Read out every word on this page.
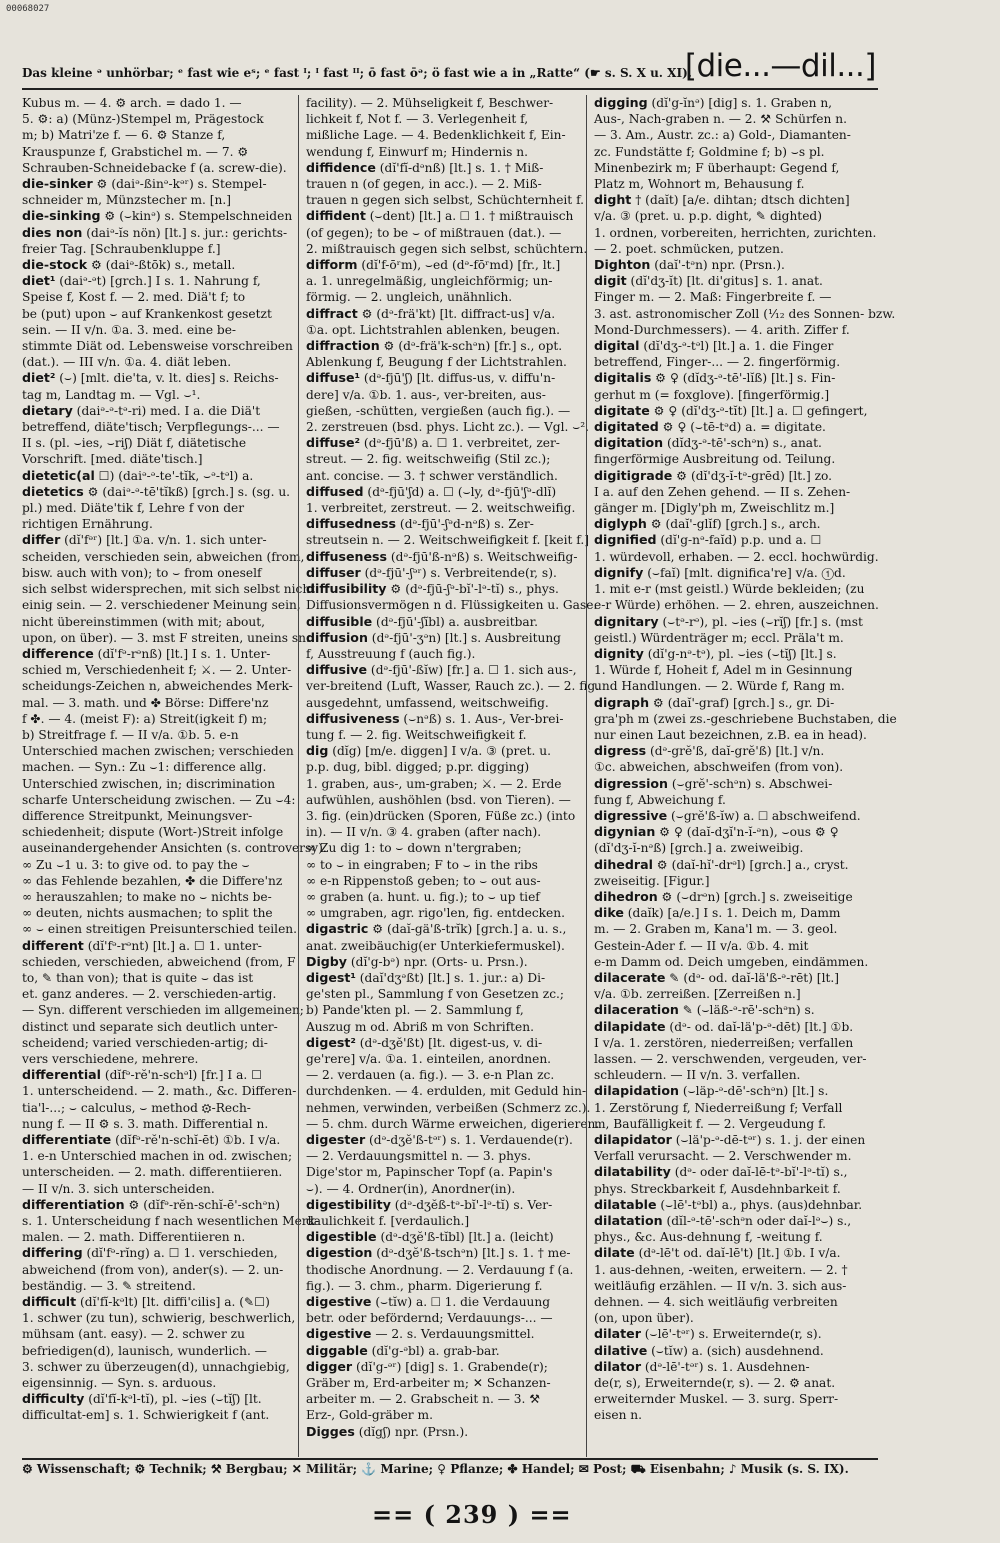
00068027
Das kleine ᵊ unhörbar; ᵉ fast wie eˢ; ᵉ fast ᴵ; ᴵ fast ᴵᴵ; ō fast ōᵊ; ö fast wie a in „Ratte“ (☛ s. S. X u. XI).
[die...—dil...]
Kubus m. — 4. ⚙ arch. = dado 1. —
5. ⚙: a) (Münz-)Stempel m, Prägestock
m; b) Matri'ze f. — 6. ⚙ Stanze f,
Krauspunze f, Grabstichel m. — 7. ⚙
Schrauben-Schneidebacke f (a. screw-die).
die-sinker ⚙ (daiᵊ-ßinᵊ-kᵊʳ) s. Stempel-
schneider m, Münzstecher m. [n.]
die-sinking ⚙ (⌣kinᵊ) s. Stempelschneiden
dies non (daiᵊ-ĭs nön) [lt.] s. jur.: gerichts-
freier Tag. [Schraubenkluppe f.]
die-stock ⚙ (daiᵊ-ßtōk) s., metall.
diet¹ (daiᵊ-ᵊt) [grch.] I s. 1. Nahrung f,
Speise f, Kost f. — 2. med. Diä't f; to
be (put) upon ⌣ auf Krankenkost gesetzt
sein. — II v/n. ①a. 3. med. eine be-
stimmte Diät od. Lebensweise vorschreiben
(dat.). — III v/n. ①a. 4. diät leben.
diet² (⌣) [mlt. die'ta, v. lt. dies] s. Reichs-
tag m, Landtag m. — Vgl. ⌣¹.
dietary (daiᵊ-ᵊ-tᵊ-ri) med. I a. die Diä't
betreffend, diäte'tisch; Verpflegungs-... —
II s. (pl. ⌣ies, ⌣riʃ) Diät f, diätetische
Vorschrift. [med. diäte'tisch.]
dietetic(al ☐) (daiᵊ-ᵊ-te'-tĭk, ⌣ᵊ-tᵊl) a.
dietetics ⚙ (daiᵊ-ᵊ-tē'tĭkß) [grch.] s. (sg. u.
pl.) med. Diäte'tik f, Lehre f von der
richtigen Ernährung.
differ (dĭ'fᵊʳ) [lt.] ①a. v/n. 1. sich unter-
scheiden, verschieden sein, abweichen (from,
bisw. auch with von); to ⌣ from oneself
sich selbst widersprechen, mit sich selbst nicht
einig sein. — 2. verschiedener Meinung sein,
nicht übereinstimmen (with mit; about,
upon, on über). — 3. mst F streiten, uneins sn.
difference (dĭ'fᵊ-rᵊnß) [lt.] I s. 1. Unter-
schied m, Verschiedenheit f; ⚔. — 2. Unter-
scheidungs-Zeichen n, abweichendes Merk-
mal. — 3. math. und ✤ Börse: Differe'nz
f ✤. — 4. (meist F): a) Streit(igkeit f) m;
b) Streitfrage f. — II v/a. ①b. 5. e-n
Unterschied machen zwischen; verschieden
machen. — Syn.: Zu ⌣1: difference allg.
Unterschied zwischen, in; discrimination
scharfe Unterscheidung zwischen. — Zu ⌣4:
difference Streitpunkt, Meinungsver-
schiedenheit; dispute (Wort-)Streit infolge
auseinandergehender Ansichten (s. controversy).
∞ Zu ⌣1 u. 3: to give od. to pay the ⌣
∞ das Fehlende bezahlen, ✤ die Differe'nz
∞ herauszahlen; to make no ⌣ nichts be-
∞ deuten, nichts ausmachen; to split the
∞ ⌣ einen streitigen Preisunterschied teilen.
different (dĭ'fᵊ-rᵊnt) [lt.] a. ☐ 1. unter-
schieden, verschieden, abweichend (from, F
to, ✎ than von); that is quite ⌣ das ist
et. ganz anderes. — 2. verschieden-artig.
— Syn. different verschieden im allgemeinen;
distinct und separate sich deutlich unter-
scheidend; varied verschieden-artig; di-
vers verschiedene, mehrere.
differential (dĭfᵊ-rĕ'n-schᵊl) [fr.] I a. ☐
1. unterscheidend. — 2. math., &c. Differen-
tia'l-...; ⌣ calculus, ⌣ method ⚙-Rech-
nung f. — II ⚙ s. 3. math. Differential n.
differentiate (dĭfᵊ-rĕ'n-schĭ-ēt) ①b. I v/a.
1. e-n Unterschied machen in od. zwischen;
unterscheiden. — 2. math. differentiieren.
— II v/n. 3. sich unterscheiden.
differentiation ⚙ (dĭfᵊ-rĕn-schĭ-ē'-schᵊn)
s. 1. Unterscheidung f nach wesentlichen Merk-
malen. — 2. math. Differentiieren n.
differing (dĭ'fᵊ-rĭng) a. ☐ 1. verschieden,
abweichend (from von), ander(s). — 2. un-
beständig. — 3. ✎ streitend.
difficult (dĭ'fĭ-kᵊlt) [lt. diffi'cilis] a. (✎☐)
1. schwer (zu tun), schwierig, beschwerlich,
mühsam (ant. easy). — 2. schwer zu
befriedigen(d), launisch, wunderlich. —
3. schwer zu überzeugen(d), unnachgiebig,
eigensinnig. — Syn. s. arduous.
difficulty (dĭ'fĭ-kᵊl-tĭ), pl. ⌣ies (⌣tĭʃ) [lt.
difficultat-em] s. 1. Schwierigkeit f (ant.
facility). — 2. Mühseligkeit f, Beschwer-
lichkeit f, Not f. — 3. Verlegenheit f,
mißliche Lage. — 4. Bedenklichkeit f, Ein-
wendung f, Einwurf m; Hindernis n.
diffidence (dĭ'fĭ-dᵊnß) [lt.] s. 1. † Miß-
trauen n (of gegen, in acc.). — 2. Miß-
trauen n gegen sich selbst, Schüchternheit f.
diffident (⌣dent) [lt.] a. ☐ 1. † mißtrauisch
(of gegen); to be ⌣ of mißtrauen (dat.). —
2. mißtrauisch gegen sich selbst, schüchtern.
difform (dĭ'f-ōʳm), ⌣ed (dᵊ-fōʳmd) [fr., lt.]
a. 1. unregelmäßig, ungleichförmig; un-
förmig. — 2. ungleich, unähnlich.
diffract ⚙ (dᵊ-frä'kt) [lt. diffract-us] v/a.
①a. opt. Lichtstrahlen ablenken, beugen.
diffraction ⚙ (dᵊ-frä'k-schᵊn) [fr.] s., opt.
Ablenkung f, Beugung f der Lichtstrahlen.
diffuse¹ (dᵊ-fjū'ʃ) [lt. diffus-us, v. diffu'n-
dere] v/a. ①b. 1. aus-, ver-breiten, aus-
gießen, -schütten, vergießen (auch fig.). —
2. zerstreuen (bsd. phys. Licht zc.). — Vgl. ⌣².
diffuse² (dᵊ-fjū'ß) a. ☐ 1. verbreitet, zer-
streut. — 2. fig. weitschweifig (Stil zc.);
ant. concise. — 3. † schwer verständlich.
diffused (dᵊ-fjū'ʃd) a. ☐ (⌣ly, dᵊ-fjū'ʃᵊ-dlĭ)
1. verbreitet, zerstreut. — 2. weitschweifig.
diffusedness (dᵊ-fjū'-ʃᵊd-nᵊß) s. Zer-
streutsein n. — 2. Weitschweifigkeit f. [keit f.]
diffuseness (dᵊ-fjū'ß-nᵊß) s. Weitschweifig-
diffuser (dᵊ-fjū'-ʃᵊʳ) s. Verbreitende(r, s).
diffusibility ⚙ (dᵊ-fjū-ʃᵊ-bĭ'-lᵊ-tĭ) s., phys.
Diffusionsvermögen n d. Flüssigkeiten u. Gase.
diffusible (dᵊ-fjū'-ʃĭbl) a. ausbreitbar.
diffusion (dᵊ-fjū'-ʒᵊn) [lt.] s. Ausbreitung
f, Ausstreuung f (auch fig.).
diffusive (dᵊ-fjū'-ßĭw) [fr.] a. ☐ 1. sich aus-,
ver-breitend (Luft, Wasser, Rauch zc.). — 2. fig.
ausgedehnt, umfassend, weitschweifig.
diffusiveness (⌣nᵊß) s. 1. Aus-, Ver-brei-
tung f. — 2. fig. Weitschweifigkeit f.
dig (dĭg) [m/e. diggen] I v/a. ③ (pret. u.
p.p. dug, bibl. digged; p.pr. digging)
1. graben, aus-, um-graben; ⚔. — 2. Erde
aufwühlen, aushöhlen (bsd. von Tieren). —
3. fig. (ein)drücken (Sporen, Füße zc.) (into
in). — II v/n. ③ 4. graben (after nach).
∞ Zu dig 1: to ⌣ down n'tergraben;
∞ to ⌣ in eingraben; F to ⌣ in the ribs
∞ e-n Rippenstoß geben; to ⌣ out aus-
∞ graben (a. hunt. u. fig.); to ⌣ up tief
∞ umgraben, agr. rigo'len, fig. entdecken.
digastric ⚙ (daĭ-gä'ß-trĭk) [grch.] a. u. s.,
anat. zweibäuchig(er Unterkiefermuskel).
Digby (dĭ'g-bᵊ) npr. (Orts- u. Prsn.).
digest¹ (daĭ'dʒᵊßt) [lt.] s. 1. jur.: a) Di-
ge'sten pl., Sammlung f von Gesetzen zc.;
b) Pande'kten pl. — 2. Sammlung f,
Auszug m od. Abriß m von Schriften.
digest² (dᵊ-dʒĕ'ßt) [lt. digest-us, v. di-
ge'rere] v/a. ①a. 1. einteilen, anordnen.
— 2. verdauen (a. fig.). — 3. e-n Plan zc.
durchdenken. — 4. erdulden, mit Geduld hin-
nehmen, verwinden, verbeißen (Schmerz zc.).
— 5. chm. durch Wärme erweichen, digerieren.
digester (dᵊ-dʒĕ'ß-tᵊʳ) s. 1. Verdauende(r).
— 2. Verdauungsmittel n. — 3. phys.
Dige'stor m, Papinscher Topf (a. Papin's
⌣). — 4. Ordner(in), Anordner(in).
digestibility (dᵊ-dʒĕß-tᵊ-bĭ'-lᵊ-tĭ) s. Ver-
daulichkeit f. [verdaulich.]
digestible (dᵊ-dʒĕ'ß-tĭbl) [lt.] a. (leicht)
digestion (dᵊ-dʒĕ'ß-tschᵊn) [lt.] s. 1. † me-
thodische Anordnung. — 2. Verdauung f (a.
fig.). — 3. chm., pharm. Digerierung f.
digestive (⌣tĭw) a. ☐ 1. die Verdauung
betr. oder befördernd; Verdauungs-... —
digestive — 2. s. Verdauungsmittel.
diggable (dĭ'g-ᵊbl) a. grab-bar.
digger (dĭ'g-ᵊʳ) [dig] s. 1. Grabende(r);
Gräber m, Erd-arbeiter m; ✕ Schanzen-
arbeiter m. — 2. Grabscheit n. — 3. ⚒
Erz-, Gold-gräber m.
Digges (dĭgʃ) npr. (Prsn.).
digging (dĭ'g-ĭnᵊ) [dig] s. 1. Graben n,
Aus-, Nach-graben n. — 2. ⚒ Schürfen n.
— 3. Am., Austr. zc.: a) Gold-, Diamanten-
zc. Fundstätte f; Goldmine f; b) ⌣s pl.
Minenbezirk m; F überhaupt: Gegend f,
Platz m, Wohnort m, Behausung f.
dight † (daĭt) [a/e. dihtan; dtsch dichten]
v/a. ③ (pret. u. p.p. dight, ✎ dighted)
1. ordnen, vorbereiten, herrichten, zurichten.
— 2. poet. schmücken, putzen.
Dighton (daĭ'-tᵊn) npr. (Prsn.).
digit (dĭ'dʒ-ĭt) [lt. di'gitus] s. 1. anat.
Finger m. — 2. Maß: Fingerbreite f. —
3. ast. astronomischer Zoll (¹⁄₁₂ des Sonnen- bzw.
Mond-Durchmessers). — 4. arith. Ziffer f.
digital (dĭ'dʒ-ᵊ-tᵊl) [lt.] a. 1. die Finger
betreffend, Finger-... — 2. fingerförmig.
digitalis ⚙ ♀ (dĭdʒ-ᵊ-tē'-lĭß) [lt.] s. Fin-
gerhut m (= foxglove). [fingerförmig.]
digitate ⚙ ♀ (dĭ'dʒ-ᵊ-tĭt) [lt.] a. ☐ gefingert,
digitated ⚙ ♀ (⌣tē-tᵊd) a. = digitate.
digitation (dĭdʒ-ᵊ-tē'-schᵊn) s., anat.
fingerförmige Ausbreitung od. Teilung.
digitigrade ⚙ (dĭ'dʒ-ĭ-tᵊ-grēd) [lt.] zo.
I a. auf den Zehen gehend. — II s. Zehen-
gänger m. [Digly'ph m, Zweischlitz m.]
diglyph ⚙ (daĭ'-glĭf) [grch.] s., arch.
dignified (dĭ'g-nᵊ-faĭd) p.p. und a. ☐
1. würdevoll, erhaben. — 2. eccl. hochwürdig.
dignify (⌣faĭ) [mlt. dignifica're] v/a. ①d.
1. mit e-r (mst geistl.) Würde bekleiden; (zu
e-r Würde) erhöhen. — 2. ehren, auszeichnen.
dignitary (⌣tᵊ-rᵊ), pl. ⌣ies (⌣rĭʃ) [fr.] s. (mst
geistl.) Würdenträger m; eccl. Präla't m.
dignity (dĭ'g-nᵊ-tᵊ), pl. ⌣ies (⌣tĭʃ) [lt.] s.
1. Würde f, Hoheit f, Adel m in Gesinnung
und Handlungen. — 2. Würde f, Rang m.
digraph ⚙ (daĭ'-graf) [grch.] s., gr. Di-
gra'ph m (zwei zs.-geschriebene Buchstaben, die
nur einen Laut bezeichnen, z.B. ea in head).
digress (dᵊ-grĕ'ß, daĭ-grĕ'ß) [lt.] v/n.
①c. abweichen, abschweifen (from von).
digression (⌣grĕ'-schᵊn) s. Abschwei-
fung f, Abweichung f.
digressive (⌣grĕ'ß-ĭw) a. ☐ abschweifend.
digynian ⚙ ♀ (daĭ-dʒĭ'n-ĭ-ᵊn), ⌣ous ⚙ ♀
(dĭ'dʒ-ĭ-nᵊß) [grch.] a. zweiweibig.
dihedral ⚙ (daĭ-hĭ'-drᵊl) [grch.] a., cryst.
zweiseitig. [Figur.]
dihedron ⚙ (⌣drᵊn) [grch.] s. zweiseitige
dike (daĭk) [a/e.] I s. 1. Deich m, Damm
m. — 2. Graben m, Kana'l m. — 3. geol.
Gestein-Ader f. — II v/a. ①b. 4. mit
e-m Damm od. Deich umgeben, eindämmen.
dilacerate ✎ (dᵊ- od. daĭ-lä'ß-ᵊ-rēt) [lt.]
v/a. ①b. zerreißen. [Zerreißen n.]
dilaceration ✎ (⌣läß-ᵊ-rē'-schᵊn) s.
dilapidate (dᵊ- od. daĭ-lä'p-ᵊ-dēt) [lt.] ①b.
I v/a. 1. zerstören, niederreißen; verfallen
lassen. — 2. verschwenden, vergeuden, ver-
schleudern. — II v/n. 3. verfallen.
dilapidation (⌣läp-ᵊ-dē'-schᵊn) [lt.] s.
1. Zerstörung f, Niederreißung f; Verfall
m, Baufälligkeit f. — 2. Vergeudung f.
dilapidator (⌣lä'p-ᵊ-dē-tᵊʳ) s. 1. j. der einen
Verfall verursacht. — 2. Verschwender m.
dilatability (dᵊ- oder daĭ-lē-tᵊ-bĭ'-lᵊ-tĭ) s.,
phys. Streckbarkeit f, Ausdehnbarkeit f.
dilatable (⌣lē'-tᵊbl) a., phys. (aus)dehnbar.
dilatation (dĭl-ᵊ-tē'-schᵊn oder daĭ-lᵊ⌣) s.,
phys., &c. Aus-dehnung f, -weitung f.
dilate (dᵊ-lē't od. daĭ-lē't) [lt.] ①b. I v/a.
1. aus-dehnen, -weiten, erweitern. — 2. †
weitläufig erzählen. — II v/n. 3. sich aus-
dehnen. — 4. sich weitläufig verbreiten
(on, upon über).
dilater (⌣lē'-tᵊʳ) s. Erweiternde(r, s).
dilative (⌣tĭw) a. (sich) ausdehnend.
dilator (dᵊ-lē'-tᵊʳ) s. 1. Ausdehnen-
de(r, s), Erweiternde(r, s). — 2. ⚙ anat.
erweiternder Muskel. — 3. surg. Sperr-
eisen n.
⚙ Wissenschaft; ⚙ Technik; ⚒ Bergbau; ✕ Militär; ⚓ Marine; ♀ Pflanze; ✤ Handel; ✉ Post; ⛟ Eisenbahn; ♪ Musik (s. S. IX).
== ( 239 ) ==
